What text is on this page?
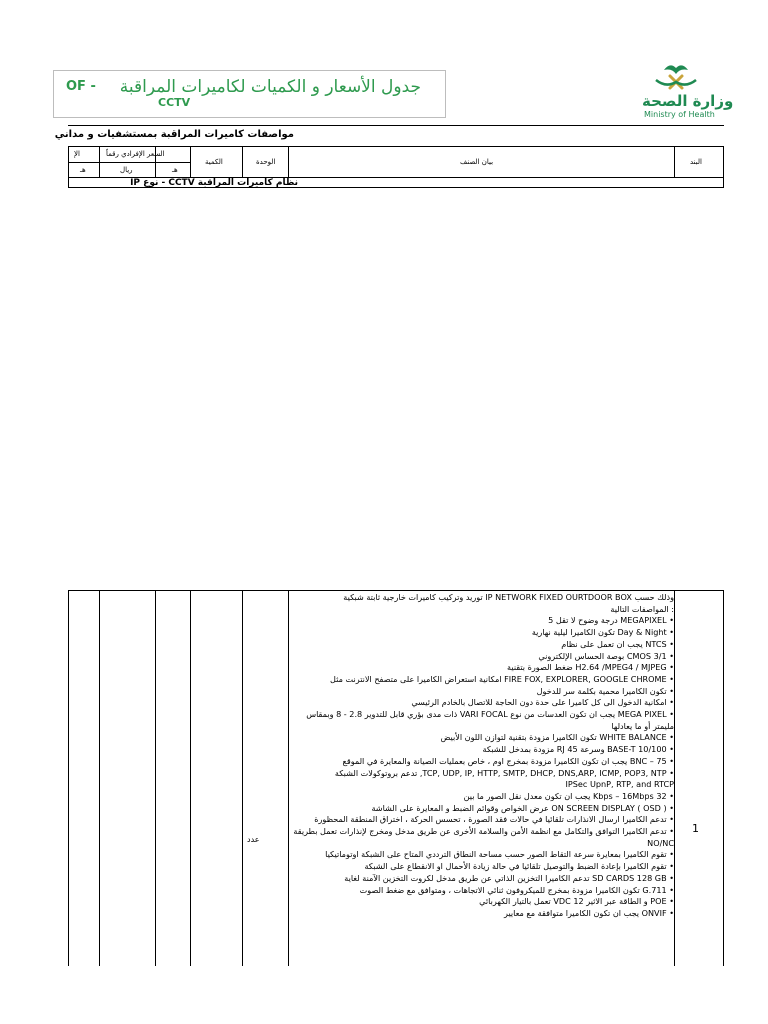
جدول الأسعار و الكميات لكاميرات المراقبة
OF -
CCTV	وزارة الصحة
Ministry of Health
مواصفات كاميرات المراقبة بمستشفيات و مداني
البند
بيان الصنف
الوحدة
الكمية
السعر الإفرادي رقماً
الإ
هـ
ريال
هـ
نظام كاميرات المراقبة CCTV - نوع IP
1
عدد
وذلك حسب IP NETWORK FIXED OURTDOOR BOX توريد وتركيب كاميرات خارجية ثابتة شبكية
: المواصفات التالية
• MEGAPIXEL درجة وضوح لا تقل 5
• Day & Night تكون الكاميرا ليلية نهارية
• NTCS يجب ان تعمل على نظام
• CMOS 3/1 بوصة الحساس الإلكتروني
• H2.64 /MPEG4 / MJPEG ضغط الصورة بتقنية
• FIRE FOX, EXPLORER, GOOGLE CHROME امكانية استعراض الكاميرا على متصفح الانترنت مثل
• تكون الكاميرا محمية بكلمة سر للدخول
• امكانية الدخول الى كل كاميرا على حدة دون الحاجة للاتصال بالخادم الرئيسي
• MEGA PIXEL يجب ان تكون العدسات من نوع VARI FOCAL ذات مدى بؤري قابل للتدوير 2.8 - 8 وبمقاس
مليمتر أو ما يعادلها
• WHITE BALANCE تكون الكاميرا مزودة بتقنية لتوازن اللون الأبيض
• BASE-T 10/100 وسرعة RJ 45 مزودة بمدخل للشبكة
• BNC – 75 يجب ان تكون الكاميرا مزودة بمخرج اوم ، خاص بعمليات الصيانة والمعايرة في الموقع
• TCP, UDP, IP, HTTP, SMTP, DHCP, DNS,ARP, ICMP, POP3, NTP, تدعم بروتوكولات الشبكة
IPSec UpnP, RTP, and RTCP
• 32 Kbps – 16Mbps يجب ان تكون معدل نقل الصور ما بين
• ON SCREEN DISPLAY ( OSD ) عرض الخواص وقوائم الضبط و المعايرة على الشاشة
• تدعم الكاميرا ارسال الانذارات تلقائيا في حالات فقد الصورة ، تحسس الحركة ، اختراق المنطقة المحظورة
• تدعم الكاميرا التوافق والتكامل مع انظمة الأمن والسلامة الأخرى عن طريق مدخل ومخرج لإنذارات تعمل بطريقة
NO/NC
• تقوم الكاميرا بمعايرة سرعة التقاط الصور حسب مساحة النطاق الترددي المتاح على الشبكة اوتوماتيكيا
• تقوم الكاميرا بإعادة الضبط والتوصيل تلقائيا في حالة زيادة الأحمال او الانقطاع على الشبكة
• SD CARDS 128 GB تدعم الكاميرا التخزين الذاتي عن طريق مدخل لكروت التخزين الآمنة لغاية
• G.711 تكون الكاميرا مزودة بمخرج للميكروفون ثنائي الاتجاهات ، ومتوافق مع ضغط الصوت
• POE و الطاقة عبر الاثير VDC 12 تعمل بالتيار الكهربائي
• ONVIF يجب ان تكون الكاميرا متوافقة مع معايير
